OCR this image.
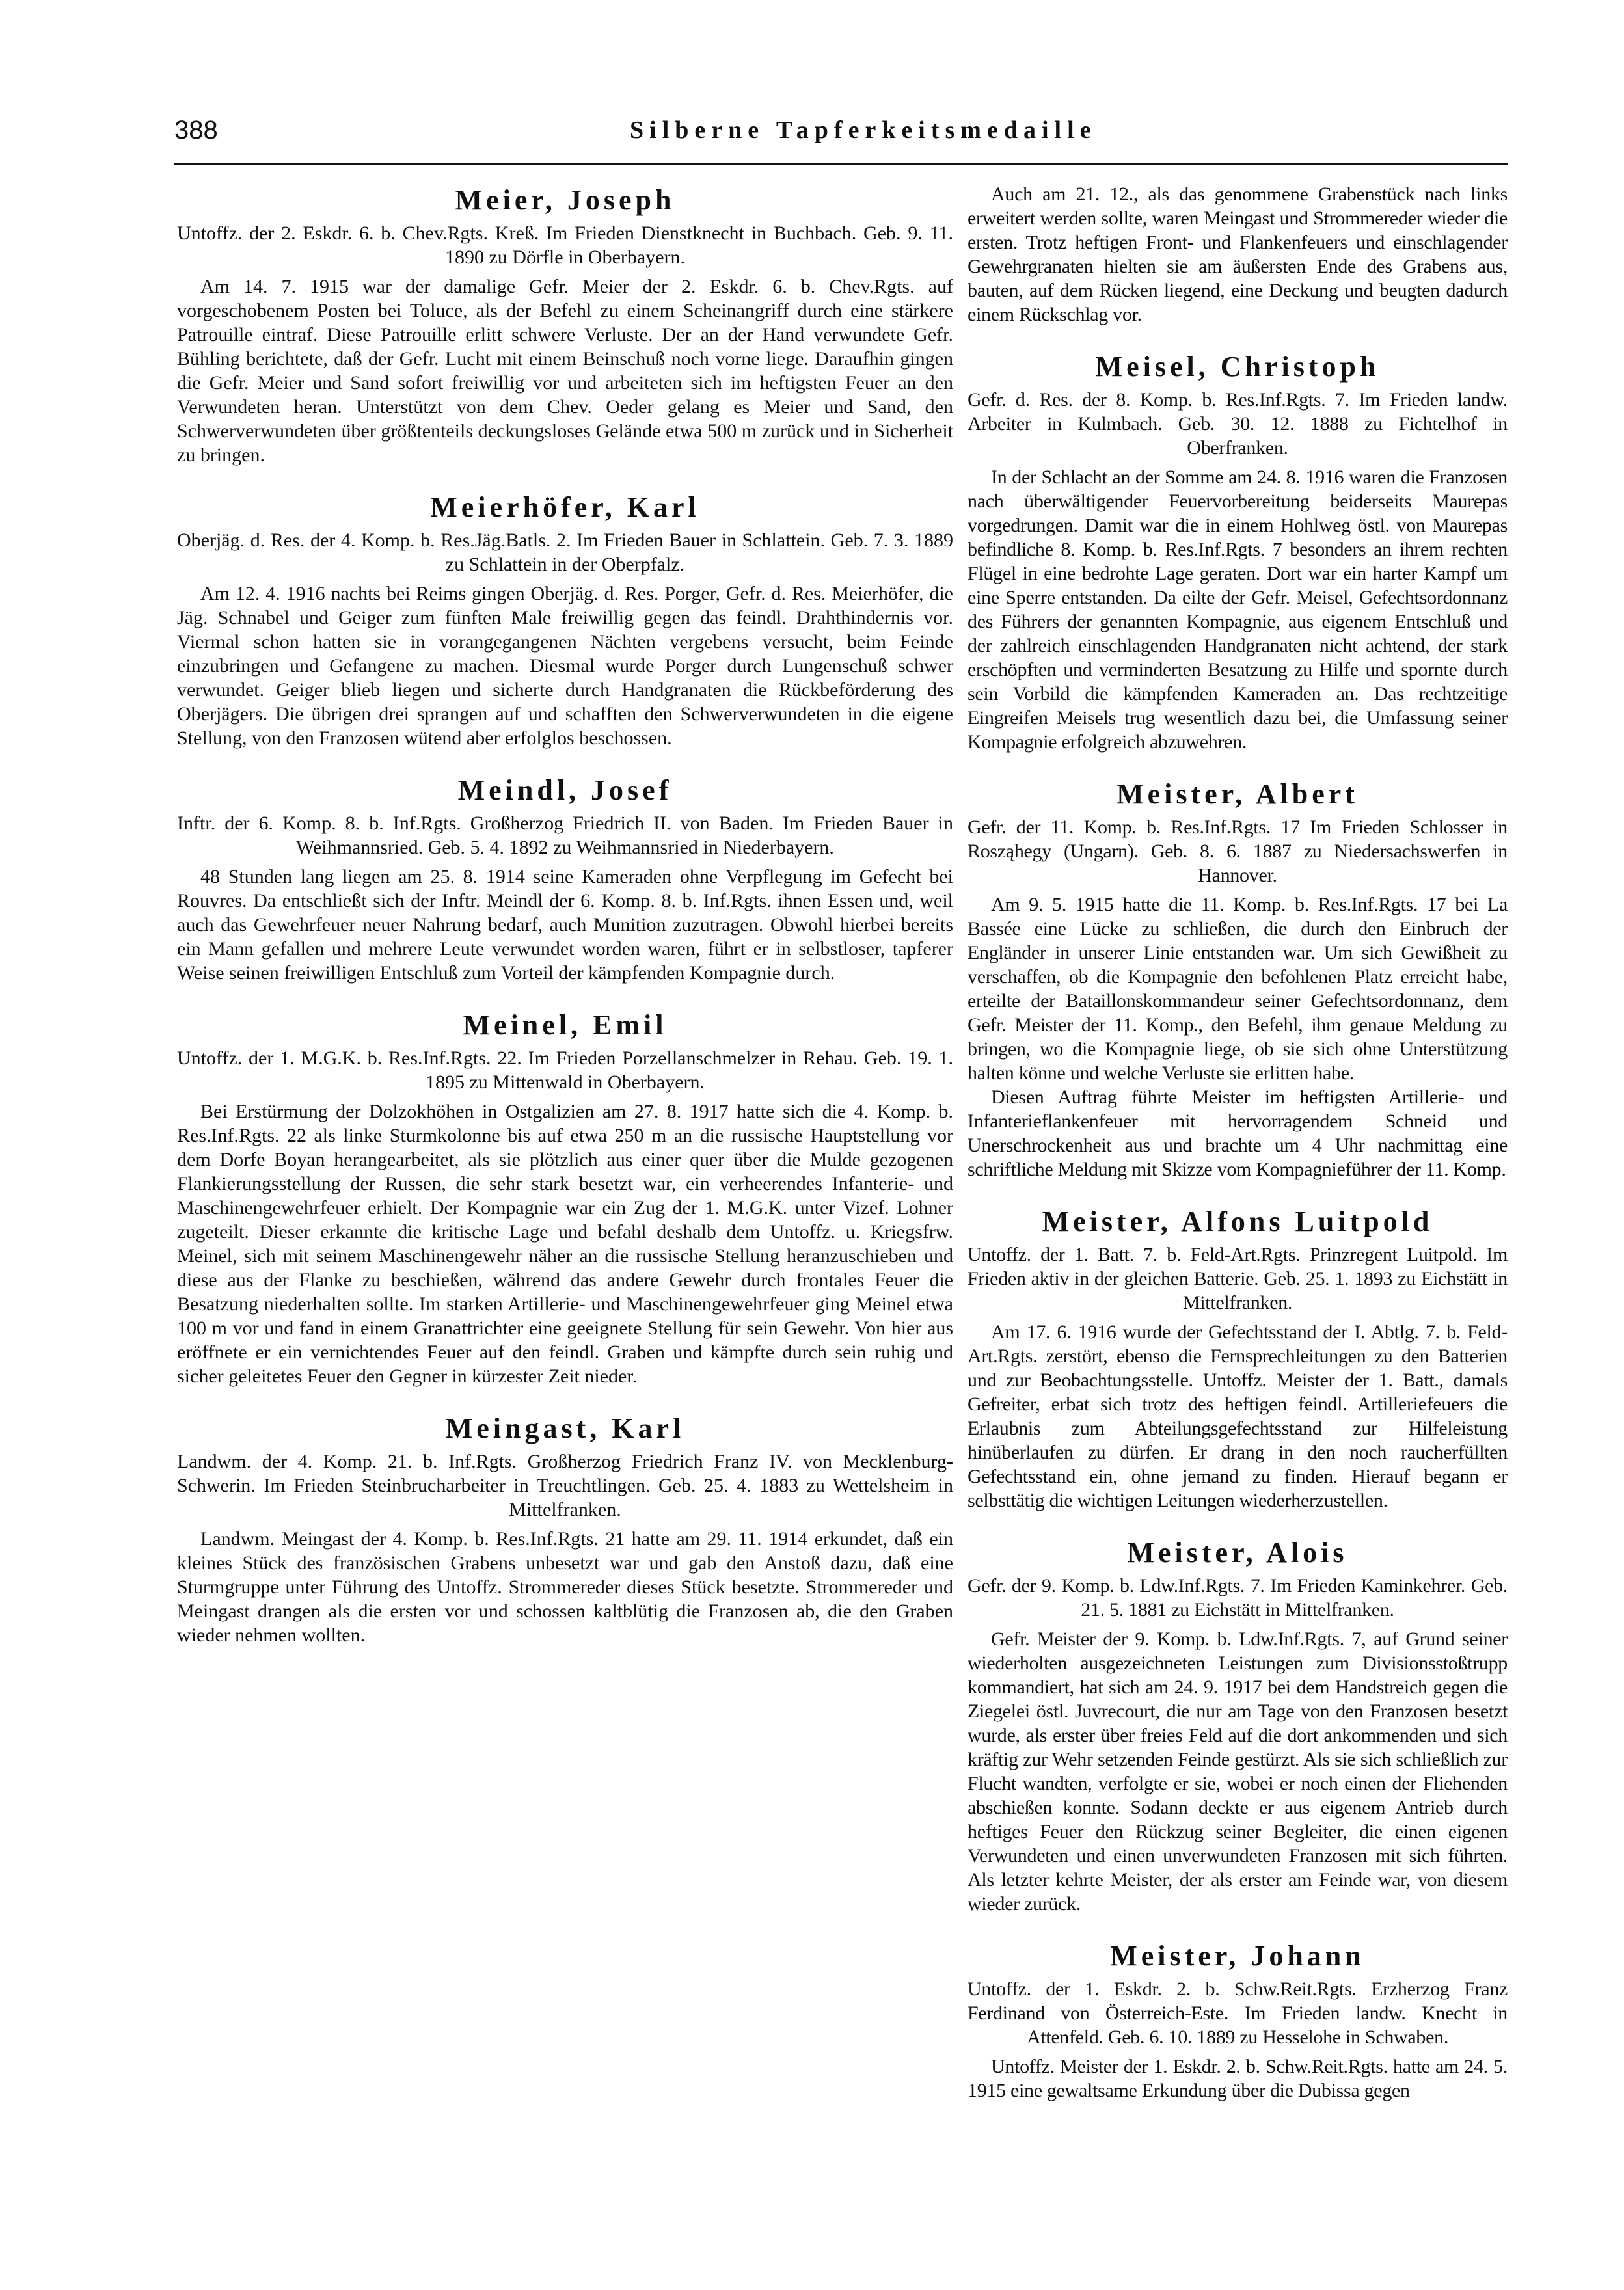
388	Silberne Tapferkeitsmedaille
Meier, Joseph

Untoffz. der 2. Eskdr. 6. b. Chev.Rgts. Kreß. Im Frieden Dienstknecht in Buchbach. Geb. 9. 11. 1890 zu Dörfle in Oberbayern.

Am 14. 7. 1915 war der damalige Gefr. Meier der 2. Eskdr. 6. b. Chev.Rgts. auf vorgeschobenem Posten bei Toluce, als der Befehl zu einem Scheinangriff durch eine stärkere Patrouille eintraf. Diese Patrouille erlitt schwere Verluste. Der an der Hand verwundete Gefr. Bühling berichtete, daß der Gefr. Lucht mit einem Beinschuß noch vorne liege. Daraufhin gingen die Gefr. Meier und Sand sofort freiwillig vor und arbeiteten sich im heftigsten Feuer an den Verwundeten heran. Unterstützt von dem Chev. Oeder gelang es Meier und Sand, den Schwerverwundeten über größtenteils deckungsloses Gelände etwa 500 m zurück und in Sicherheit zu bringen.

Meierhöfer, Karl

Oberjäg. d. Res. der 4. Komp. b. Res.Jäg.Batls. 2. Im Frieden Bauer in Schlattein. Geb. 7. 3. 1889 zu Schlattein in der Oberpfalz.

Am 12. 4. 1916 nachts bei Reims gingen Oberjäg. d. Res. Porger, Gefr. d. Res. Meierhöfer, die Jäg. Schnabel und Geiger zum fünften Male freiwillig gegen das feindl. Drahthindernis vor. Viermal schon hatten sie in vorangegangenen Nächten vergebens versucht, beim Feinde einzubringen und Gefangene zu machen. Diesmal wurde Porger durch Lungenschuß schwer verwundet. Geiger blieb liegen und sicherte durch Handgranaten die Rückbeförderung des Oberjägers. Die übrigen drei sprangen auf und schafften den Schwerverwundeten in die eigene Stellung, von den Franzosen wütend aber erfolglos beschossen.

Meindl, Josef

Inftr. der 6. Komp. 8. b. Inf.Rgts. Großherzog Friedrich II. von Baden. Im Frieden Bauer in Weihmannsried. Geb. 5. 4. 1892 zu Weihmannsried in Niederbayern.

48 Stunden lang liegen am 25. 8. 1914 seine Kameraden ohne Verpflegung im Gefecht bei Rouvres. Da entschließt sich der Inftr. Meindl der 6. Komp. 8. b. Inf.Rgts. ihnen Essen und, weil auch das Gewehrfeuer neuer Nahrung bedarf, auch Munition zuzutragen. Obwohl hierbei bereits ein Mann gefallen und mehrere Leute verwundet worden waren, führt er in selbstloser, tapferer Weise seinen freiwilligen Entschluß zum Vorteil der kämpfenden Kompagnie durch.

Meinel, Emil

Untoffz. der 1. M.G.K. b. Res.Inf.Rgts. 22. Im Frieden Porzellanschmelzer in Rehau. Geb. 19. 1. 1895 zu Mittenwald in Oberbayern.

Bei Erstürmung der Dolzokhöhen in Ostgalizien am 27. 8. 1917 hatte sich die 4. Komp. b. Res.Inf.Rgts. 22 als linke Sturmkolonne bis auf etwa 250 m an die russische Hauptstellung vor dem Dorfe Boyan herangearbeitet, als sie plötzlich aus einer quer über die Mulde gezogenen Flankierungsstellung der Russen, die sehr stark besetzt war, ein verheerendes Infanterie- und Maschinengewehrfeuer erhielt. Der Kompagnie war ein Zug der 1. M.G.K. unter Vizef. Lohner zugeteilt. Dieser erkannte die kritische Lage und befahl deshalb dem Untoffz. u. Kriegsfrw. Meinel, sich mit seinem Maschinengewehr näher an die russische Stellung heranzuschieben und diese aus der Flanke zu beschießen, während das andere Gewehr durch frontales Feuer die Besatzung niederhalten sollte. Im starken Artillerie- und Maschinengewehrfeuer ging Meinel etwa 100 m vor und fand in einem Granattrichter eine geeignete Stellung für sein Gewehr. Von hier aus eröffnete er ein vernichtendes Feuer auf den feindl. Graben und kämpfte durch sein ruhig und sicher geleitetes Feuer den Gegner in kürzester Zeit nieder.

Meingast, Karl

Landwm. der 4. Komp. 21. b. Inf.Rgts. Großherzog Friedrich Franz IV. von Mecklenburg-Schwerin. Im Frieden Steinbrucharbeiter in Treuchtlingen. Geb. 25. 4. 1883 zu Wettelsheim in Mittelfranken.

Landwm. Meingast der 4. Komp. b. Res.Inf.Rgts. 21 hatte am 29. 11. 1914 erkundet, daß ein kleines Stück des französischen Grabens unbesetzt war und gab den Anstoß dazu, daß eine Sturmgruppe unter Führung des Untoffz. Strommereder dieses Stück besetzte. Strommereder und Meingast drangen als die ersten vor und schossen kaltblütig die Franzosen ab, die den Graben wieder nehmen wollten.

Auch am 21. 12., als das genommene Grabenstück nach links erweitert werden sollte, waren Meingast und Strommereder wieder die ersten. Trotz heftigen Front- und Flankenfeuers und einschlagender Gewehrgranaten hielten sie am äußersten Ende des Grabens aus, bauten, auf dem Rücken liegend, eine Deckung und beugten dadurch einem Rückschlag vor.

Meisel, Christoph

Gefr. d. Res. der 8. Komp. b. Res.Inf.Rgts. 7. Im Frieden landw. Arbeiter in Kulmbach. Geb. 30. 12. 1888 zu Fichtelhof in Oberfranken.

In der Schlacht an der Somme am 24. 8. 1916 waren die Franzosen nach überwältigender Feuervorbereitung beiderseits Maurepas vorgedrungen. Damit war die in einem Hohlweg östl. von Maurepas befindliche 8. Komp. b. Res.Inf.Rgts. 7 besonders an ihrem rechten Flügel in eine bedrohte Lage geraten. Dort war ein harter Kampf um eine Sperre entstanden. Da eilte der Gefr. Meisel, Gefechtsordonnanz des Führers der genannten Kompagnie, aus eigenem Entschluß und der zahlreich einschlagenden Handgranaten nicht achtend, der stark erschöpften und verminderten Besatzung zu Hilfe und spornte durch sein Vorbild die kämpfenden Kameraden an. Das rechtzeitige Eingreifen Meisels trug wesentlich dazu bei, die Umfassung seiner Kompagnie erfolgreich abzuwehren.

Meister, Albert

Gefr. der 11. Komp. b. Res.Inf.Rgts. 17 Im Frieden Schlosser in Rosząhegy (Ungarn). Geb. 8. 6. 1887 zu Niedersachswerfen in Hannover.

Am 9. 5. 1915 hatte die 11. Komp. b. Res.Inf.Rgts. 17 bei La Bassée eine Lücke zu schließen, die durch den Einbruch der Engländer in unserer Linie entstanden war. Um sich Gewißheit zu verschaffen, ob die Kompagnie den befohlenen Platz erreicht habe, erteilte der Bataillonskommandeur seiner Gefechtsordonnanz, dem Gefr. Meister der 11. Komp., den Befehl, ihm genaue Meldung zu bringen, wo die Kompagnie liege, ob sie sich ohne Unterstützung halten könne und welche Verluste sie erlitten habe.

Diesen Auftrag führte Meister im heftigsten Artillerie- und Infanterieflankenfeuer mit hervorragendem Schneid und Unerschrockenheit aus und brachte um 4 Uhr nachmittag eine schriftliche Meldung mit Skizze vom Kompagnieführer der 11. Komp.

Meister, Alfons Luitpold

Untoffz. der 1. Batt. 7. b. Feld-Art.Rgts. Prinzregent Luitpold. Im Frieden aktiv in der gleichen Batterie. Geb. 25. 1. 1893 zu Eichstätt in Mittelfranken.

Am 17. 6. 1916 wurde der Gefechtsstand der I. Abtlg. 7. b. Feld-Art.Rgts. zerstört, ebenso die Fernsprechleitungen zu den Batterien und zur Beobachtungsstelle. Untoffz. Meister der 1. Batt., damals Gefreiter, erbat sich trotz des heftigen feindl. Artilleriefeuers die Erlaubnis zum Abteilungsgefechtsstand zur Hilfeleistung hinüberlaufen zu dürfen. Er drang in den noch raucherfüllten Gefechtsstand ein, ohne jemand zu finden. Hierauf begann er selbsttätig die wichtigen Leitungen wiederherzustellen.

Meister, Alois

Gefr. der 9. Komp. b. Ldw.Inf.Rgts. 7. Im Frieden Kaminkehrer. Geb. 21. 5. 1881 zu Eichstätt in Mittelfranken.

Gefr. Meister der 9. Komp. b. Ldw.Inf.Rgts. 7, auf Grund seiner wiederholten ausgezeichneten Leistungen zum Divisionsstoßtrupp kommandiert, hat sich am 24. 9. 1917 bei dem Handstreich gegen die Ziegelei östl. Juvrecourt, die nur am Tage von den Franzosen besetzt wurde, als erster über freies Feld auf die dort ankommenden und sich kräftig zur Wehr setzenden Feinde gestürzt. Als sie sich schließlich zur Flucht wandten, verfolgte er sie, wobei er noch einen der Fliehenden abschießen konnte. Sodann deckte er aus eigenem Antrieb durch heftiges Feuer den Rückzug seiner Begleiter, die einen eigenen Verwundeten und einen unverwundeten Franzosen mit sich führten. Als letzter kehrte Meister, der als erster am Feinde war, von diesem wieder zurück.

Meister, Johann

Untoffz. der 1. Eskdr. 2. b. Schw.Reit.Rgts. Erzherzog Franz Ferdinand von Österreich-Este. Im Frieden landw. Knecht in Attenfeld. Geb. 6. 10. 1889 zu Hesselohe in Schwaben.

Untoffz. Meister der 1. Eskdr. 2. b. Schw.Reit.Rgts. hatte am 24. 5. 1915 eine gewaltsame Erkundung über die Dubissa gegen
